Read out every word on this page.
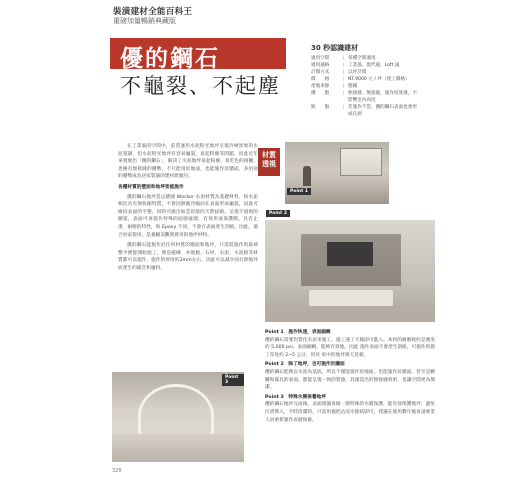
裝潢建材全能百科王
重磅加量暢銷典藏版
優的鋼石
不龜裂、不起塵
30 秒認識建材
適用空間	| 各種空間適用
適用風格	| 工業風、現代風、Loft 風
計價方式	| 以坪計價
價　　格	| NT.9000 元 / 坪（建工價格）
產地來源	| 德國
優　　點	| 無接縫、無接縫，施作厚度薄，不影響室內高度
缺　　點	| 若施作不當，優的鋼石表面也會形成孔洞

在工業風的空間中，前常運用水泥粉光地坪呈現冷硬原始的水泥基調，但水泥粉光地坪有容易龜裂、易起粉塵等問題，因此近年來發展出「優的鋼石」，解決了水泥地坪易起粉塵、易吃色的困擾，也擁有無接縫的優勢，不只能用於地面，也能施作於牆面，多用途的優勢成為居家裝潢的建材新寵兒。

各種材質的壁面和地坪皆能施作

優的鋼石地坪是以德國 Wacker 水泥材質為基礎材料，和水泥相比具有無收縮特質，不會因熱漲冷縮而在表面形成龜裂，因此可維持表面的平整，同時可做出如雲彩般的天然紋路，呈現不規則的圖案，表面可再施作特殊的面層處理，有效形成保護膜，具有止滑、耐磨的特性，和 Epoxy 不同，不會在表面產生刮痕，因此，適合居家使用，是兼顧美觀與實用的地坪材料。

優的鋼石能施作於任何材質的牆面和地坪，只需將施作的區域整平便能開始施工，像是磁磚、木地板、石材、水泥、水泥板等材質都可以施作，施作的厚度約2mm左右，因此可以減少因打除地坪而產生的噪音和廢料。

材質
透視
Point 1
Point 2
Point 3
Point 1　施作快速，表面細緻

優的鋼石需要均質化水泥來施工，施工速了天後即可進入。本材的耐磨耗約是強度約 5,000 psi，表面細緻，能夠有效地，因此 施作表面不會產生刮痕，可施作的施工厚度約 2~5 公分，用於 家中的地坪與天花板。

Point 2　除了地坪，也可施作於牆面

優的鋼石能夠以水泥為基底，所以不僅能施作於地面，也能施作於牆面，甚至是櫥櫃和傢具的表面，都能呈現一致的質感，其創造出的無接縫效果，也讓空間更為簡潔。

Point 3　特殊水膜保養地坪

優的鋼石地坪完成後，表面建議再做一層特殊的水膜保護，能有效保護地坪，避免污漬滲入，平時清潔時，只需用拖把沾清水擦拭即可，建議在使用數年後再請專業人員重新施作表層保養。

328
